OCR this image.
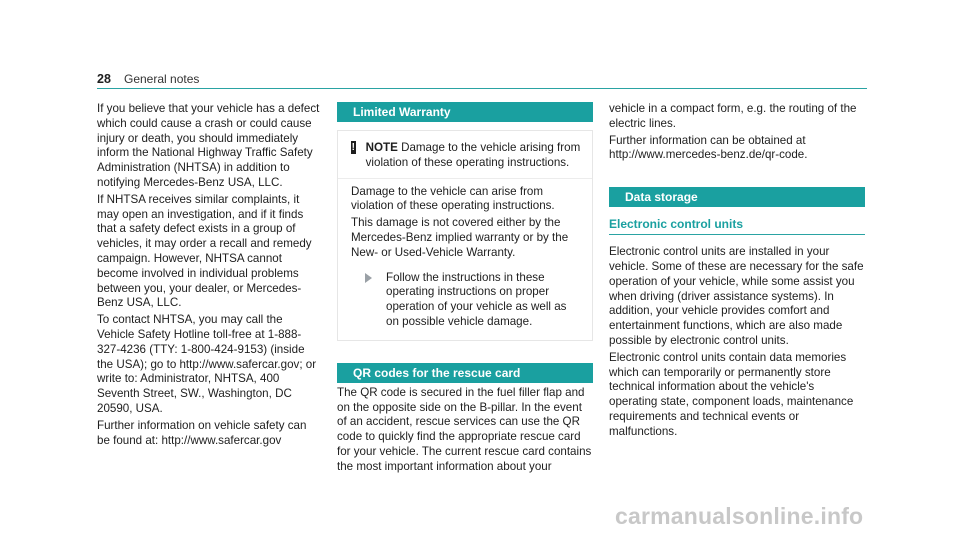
28 General notes

If you believe that your vehicle has a defect which could cause a crash or could cause injury or death, you should immediately inform the National Highway Traffic Safety Administration (NHTSA) in addition to notifying Mercedes-Benz USA, LLC.

If NHTSA receives similar complaints, it may open an investigation, and if it finds that a safety defect exists in a group of vehicles, it may order a recall and remedy campaign. However, NHTSA cannot become involved in individual problems between you, your dealer, or Mercedes-Benz USA, LLC.

To contact NHTSA, you may call the Vehicle Safety Hotline toll-free at 1-888-327-4236 (TTY: 1-800-424-9153) (inside the USA); go to http://www.safercar.gov; or write to: Administrator, NHTSA, 400 Seventh Street, SW., Washington, DC 20590, USA.

Further information on vehicle safety can be found at: http://www.safercar.gov

Limited Warranty
! NOTE Damage to the vehicle arising from violation of these operating instructions.

Damage to the vehicle can arise from violation of these operating instructions.

This damage is not covered either by the Mercedes-Benz implied warranty or by the New- or Used-Vehicle Warranty.

Follow the instructions in these operating instructions on proper operation of your vehicle as well as on possible vehicle damage.

QR codes for the rescue card

The QR code is secured in the fuel filler flap and on the opposite side on the B-pillar. In the event of an accident, rescue services can use the QR code to quickly find the appropriate rescue card for your vehicle. The current rescue card contains the most important information about your

vehicle in a compact form, e.g. the routing of the electric lines.

Further information can be obtained at http://www.mercedes-benz.de/qr-code.

Data storage
Electronic control units

Electronic control units are installed in your vehicle. Some of these are necessary for the safe operation of your vehicle, while some assist you when driving (driver assistance systems). In addition, your vehicle provides comfort and entertainment functions, which are also made possible by electronic control units.

Electronic control units contain data memories which can temporarily or permanently store technical information about the vehicle's operating state, component loads, maintenance requirements and technical events or malfunctions.

carmanualsonline.info
